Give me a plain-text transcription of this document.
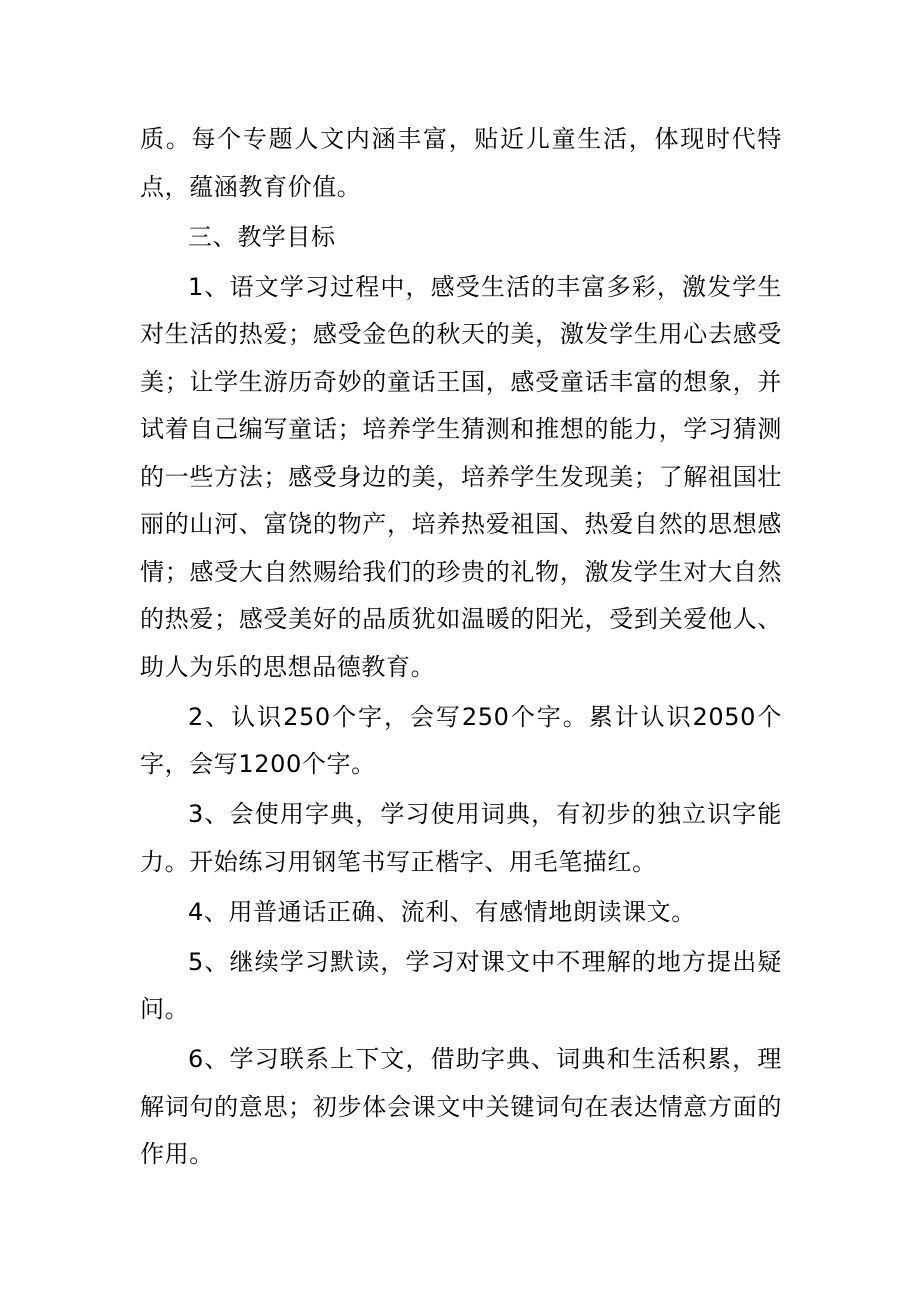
质。每个专题人文内涵丰富，贴近儿童生活，体现时代特点，蕴涵教育价值。

三、教学目标

1、语文学习过程中，感受生活的丰富多彩，激发学生对生活的热爱；感受金色的秋天的美，激发学生用心去感受美；让学生游历奇妙的童话王国，感受童话丰富的想象，并试着自己编写童话；培养学生猜测和推想的能力，学习猜测的一些方法；感受身边的美，培养学生发现美；了解祖国壮丽的山河、富饶的物产，培养热爱祖国、热爱自然的思想感情；感受大自然赐给我们的珍贵的礼物，激发学生对大自然的热爱；感受美好的品质犹如温暖的阳光，受到关爱他人、助人为乐的思想品德教育。

2、认识250个字，会写250个字。累计认识2050个字，会写1200个字。

3、会使用字典，学习使用词典，有初步的独立识字能力。开始练习用钢笔书写正楷字、用毛笔描红。

4、用普通话正确、流利、有感情地朗读课文。

5、继续学习默读，学习对课文中不理解的地方提出疑问。

6、学习联系上下文，借助字典、词典和生活积累，理解词句的意思；初步体会课文中关键词句在表达情意方面的作用。
